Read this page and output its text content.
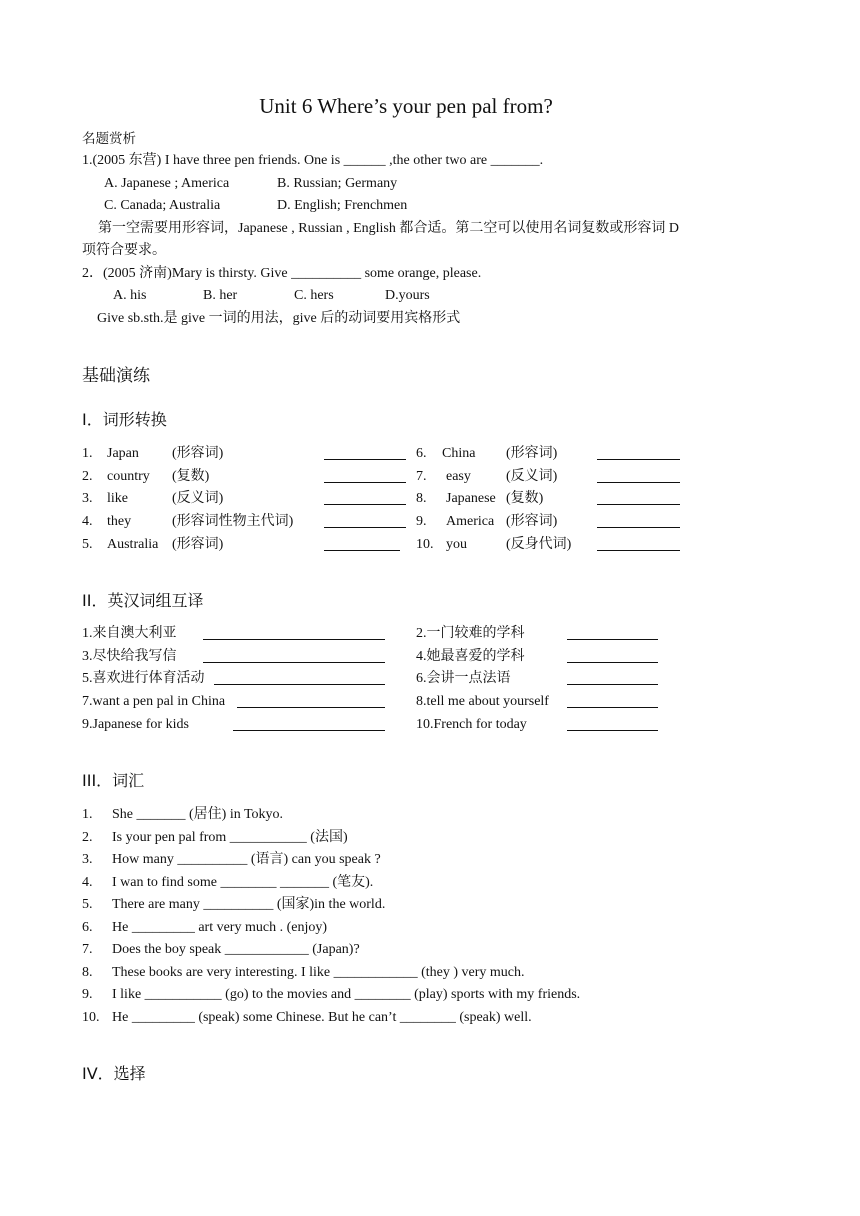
Unit 6 Where’s your pen pal from?
名题赏析
1.(2005 东营) I have three pen friends. One is ______ ,the other two are _______.
A. Japanese ; America	B. Russian; Germany
C. Canada; Australia	D. English; Frenchmen
第一空需要用形容词，Japanese , Russian , English 都合适。第二空可以使用名词复数或形容词 D
项符合要求。
2．(2005 济南)Mary is thirsty. Give __________ some orange, please.
A. his	B. her	C. hers	D.yours
Give sb.sth.是 give 一词的用法，give 后的动词要用宾格形式
基础演练
I．词形转换
1. Japan (形容词)	6. China (形容词)
2. country (复数)	7. easy	(反义词)
3. like	(反义词)	8. Japanese (复数)
4. they	(形容词性物主代词)	9. America (形容词)
5. Australia (形容词)	10. you	(反身代词)
II．英汉词组互译
1.来自澳大利亚	2.一门较难的学科
3.尽快给我写信	4.她最喜爱的学科
5.喜欢进行体育活动	6.会讲一点法语
7.want a pen pal in China	8.tell me about yourself
9.Japanese for kids	10.French for today
III．词汇
1. She _______ (居住) in Tokyo.
2. Is your pen pal from ___________ (法国)
3. How many __________ (语言) can you speak ?
4. I wan to find some ________ _______ (笔友).
5. There are many __________ (国家)in the world.
6. He _________ art very much . (enjoy)
7. Does the boy speak ____________ (Japan)?
8. These books are very interesting. I like ____________ (they ) very much.
9. I like ___________ (go) to the movies and ________ (play) sports with my friends.
10. He _________ (speak) some Chinese. But he can’t ________ (speak) well.
IV．选择
